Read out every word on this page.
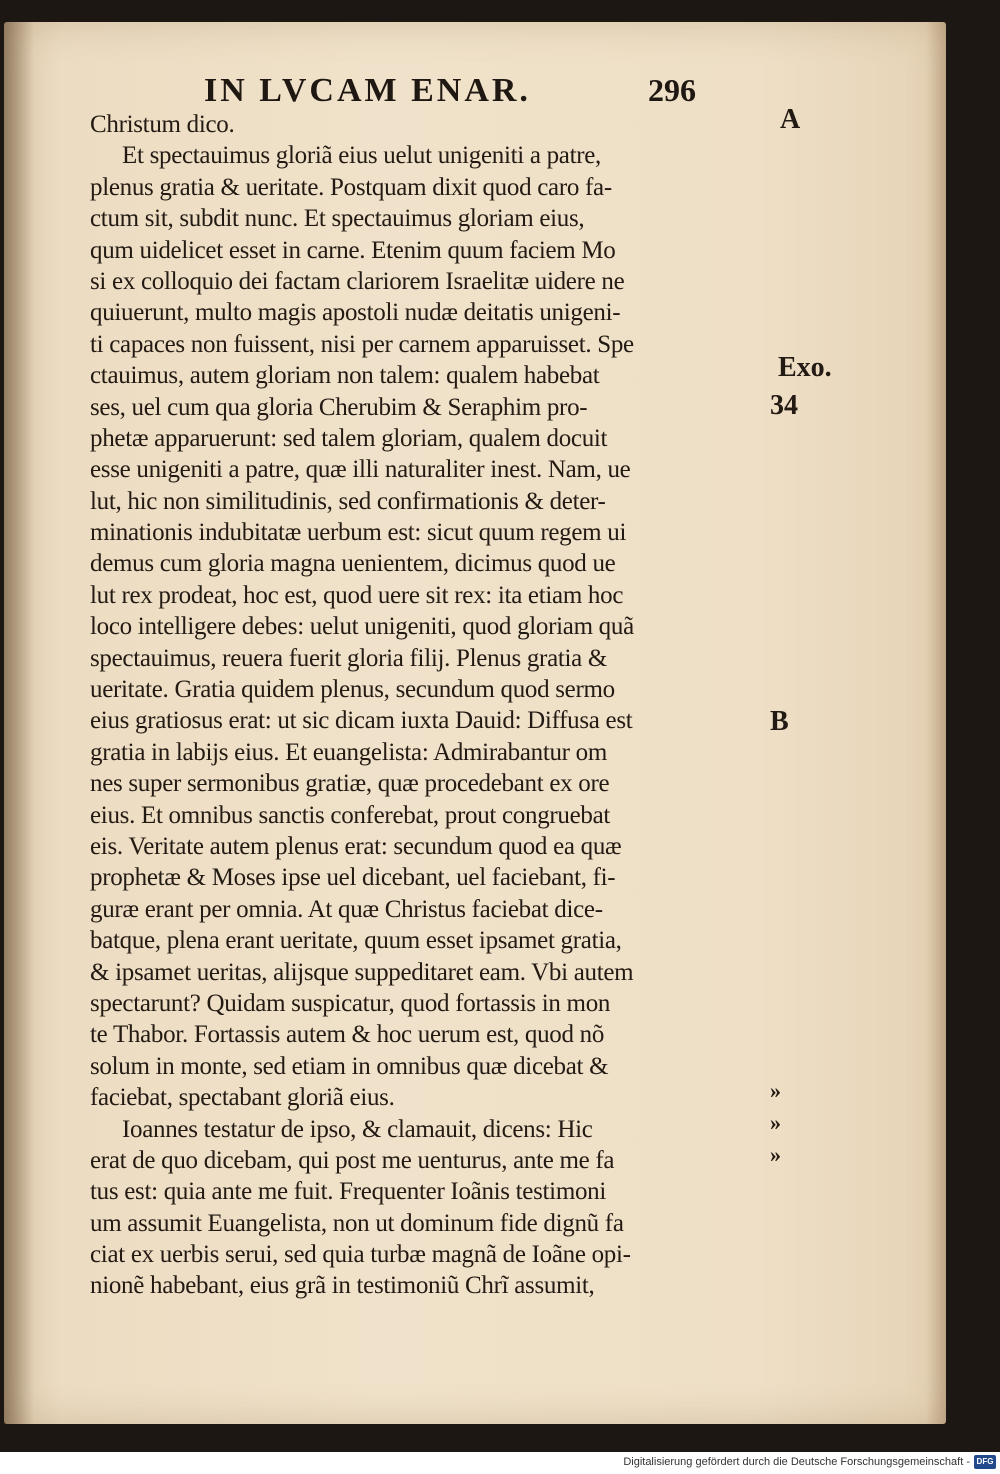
IN LVCAM ENAR.	296
Christum dico.
Et spectauimus gloriã eius uelut unigeniti a patre,
plenus gratia & ueritate. Postquam dixit quod caro fa-
ctum sit, subdit nunc. Et spectauimus gloriam eius,
qum uidelicet esset in carne. Etenim quum faciem Mo
si ex colloquio dei factam clariorem Israelitæ uidere ne
quiuerunt, multo magis apostoli nudæ deitatis unigeni-
ti capaces non fuissent, nisi per carnem apparuisset. Spe
ctauimus, autem gloriam non talem: qualem habebat
ses, uel cum qua gloria Cherubim & Seraphim pro-
phetæ apparuerunt: sed talem gloriam, qualem docuit
esse unigeniti a patre, quæ illi naturaliter inest. Nam, ue
lut, hic non similitudinis, sed confirmationis & deter-
minationis indubitatæ uerbum est: sicut quum regem ui
demus cum gloria magna uenientem, dicimus quod ue
lut rex prodeat, hoc est, quod uere sit rex: ita etiam hoc
loco intelligere debes: uelut unigeniti, quod gloriam quã
spectauimus, reuera fuerit gloria filij. Plenus gratia &
ueritate. Gratia quidem plenus, secundum quod sermo
eius gratiosus erat: ut sic dicam iuxta Dauid: Diffusa est
gratia in labijs eius. Et euangelista: Admirabantur om
nes super sermonibus gratiæ, quæ procedebant ex ore
eius. Et omnibus sanctis conferebat, prout congruebat
eis. Veritate autem plenus erat: secundum quod ea quæ
prophetæ & Moses ipse uel dicebant, uel faciebant, fi-
guræ erant per omnia. At quæ Christus faciebat dice-
batque, plena erant ueritate, quum esset ipsamet gratia,
& ipsamet ueritas, alijsque suppeditaret eam. Vbi autem
spectarunt? Quidam suspicatur, quod fortassis in mon
te Thabor. Fortassis autem & hoc uerum est, quod nõ
solum in monte, sed etiam in omnibus quæ dicebat &
faciebat, spectabant gloriã eius.
Ioannes testatur de ipso, & clamauit, dicens: Hic
erat de quo dicebam, qui post me uenturus, ante me fa
tus est: quia ante me fuit. Frequenter Ioãnis testimoni
um assumit Euangelista, non ut dominum fide dignũ fa
ciat ex uerbis serui, sed quia turbæ magnã de Ioãne opi-
nionẽ habebant, eius grã in testimoniũ Chrĩ assumit,
A
Exo.
34
B
»
»
»
Digitalisierung gefördert durch die Deutsche Forschungsgemeinschaft - DFG
